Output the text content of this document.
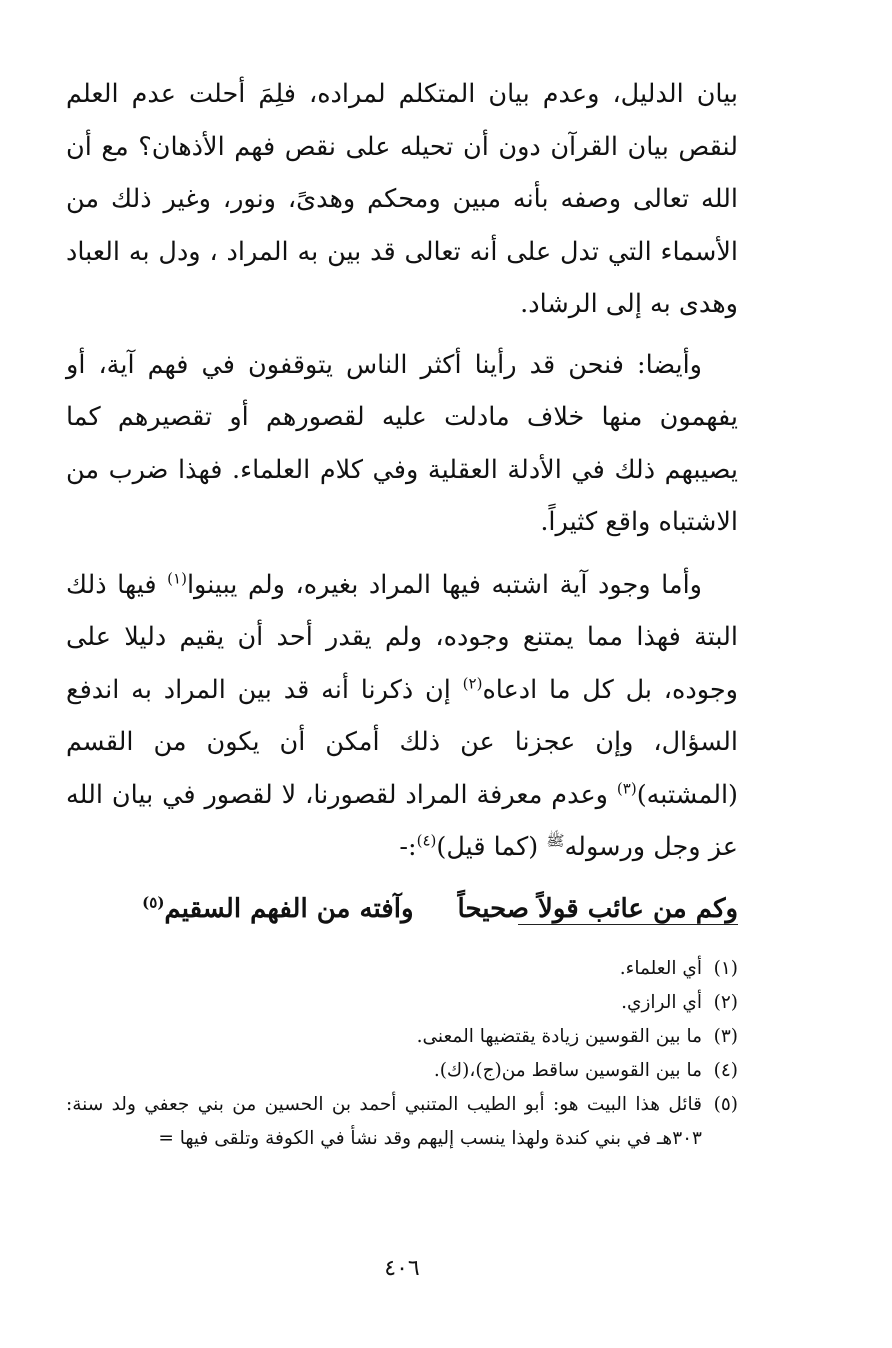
بيان الدليل، وعدم بيان المتكلم لمراده، فلِمَ أحلت عدم العلم لنقص بيان القرآن دون أن تحيله على نقص فهم الأذهان؟ مع أن الله تعالى وصفه بأنه مبين ومحكم وهدىً، ونور، وغير ذلك من الأسماء التي تدل على أنه تعالى قد بين به المراد ، ودل به العباد وهدى به إلى الرشاد.

وأيضا: فنحن قد رأينا أكثر الناس يتوقفون في فهم آية، أو يفهمون منها خلاف مادلت عليه لقصورهم أو تقصيرهم كما يصيبهم ذلك في الأدلة العقلية وفي كلام العلماء. فهذا ضرب من الاشتباه واقع كثيراً.

وأما وجود آية اشتبه فيها المراد بغيره، ولم يبينوا$^{(١)}$ فيها ذلك البتة فهذا مما يمتنع وجوده، ولم يقدر أحد أن يقيم دليلا على وجوده، بل كل ما ادعاه$^{(٢)}$ إن ذكرنا أنه قد بين المراد به اندفع السؤال، وإن عجزنا عن ذلك أمكن أن يكون من القسم (المشتبه)$^{(٣)}$ وعدم معرفة المراد لقصورنا، لا لقصور في بيان الله عز وجل ورسوله$^ﷺ$ (كما قيل)$^{(٤)}$:-

وكم من عائب قولاً صحيحاً
وآفته من الفهم السقيم$^{(٥)}$
(١)
أي العلماء.
(٢)
أي الرازي.
(٣)
ما بين القوسين زيادة يقتضيها المعنى.
(٤)
ما بين القوسين ساقط من(ج)،(ك).
(٥)
قائل هذا البيت هو: أبو الطيب المتنبي أحمد بن الحسين من بني جعفي ولد سنة: ٣٠٣هـ في بني كندة ولهذا ينسب إليهم وقد نشأ في الكوفة وتلقى فيها =
٤٠٦
